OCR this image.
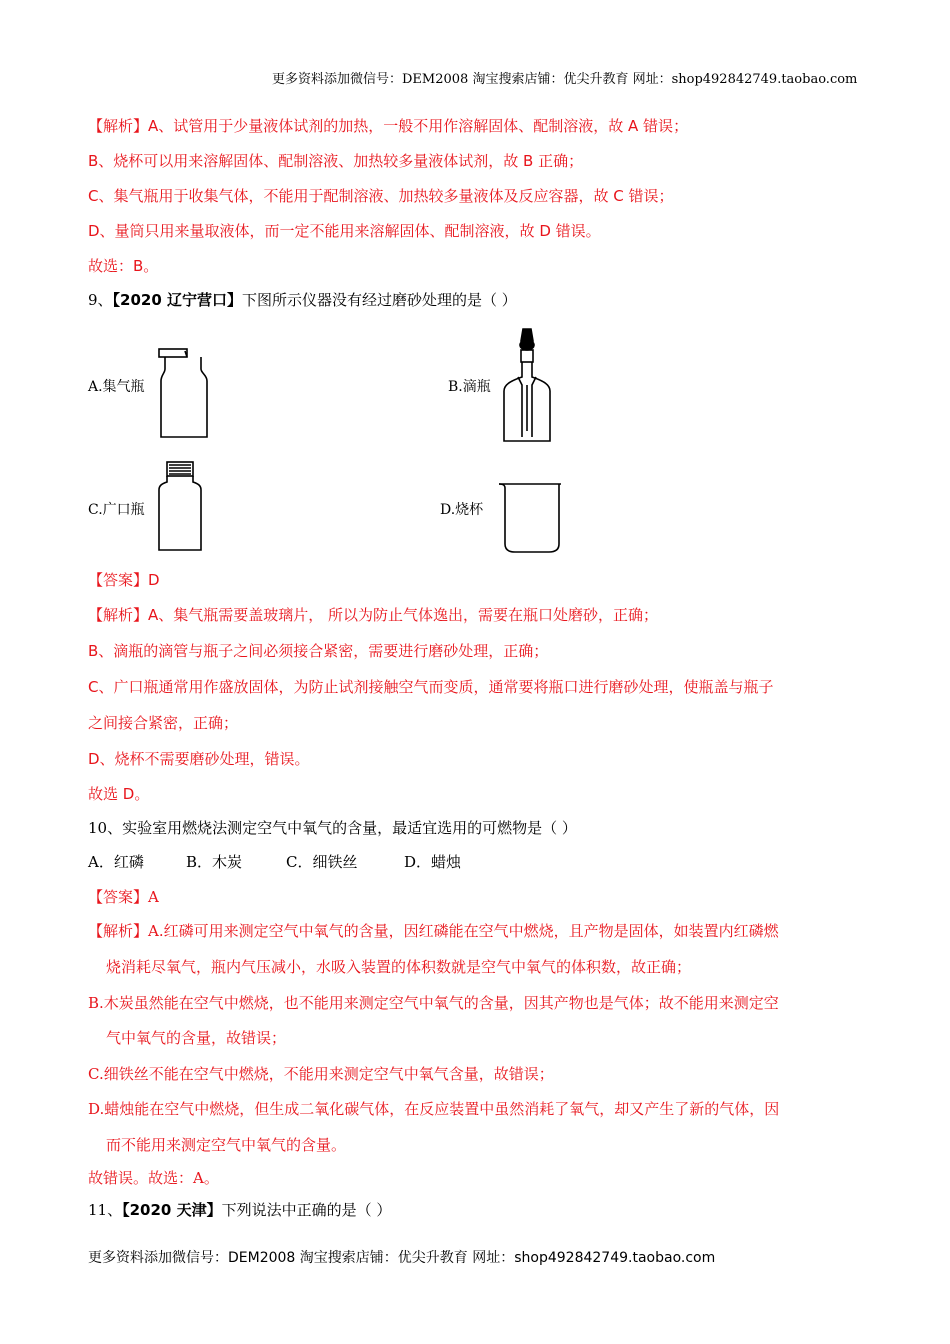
更多资料添加微信号：DEM2008 淘宝搜索店铺：优尖升教育 网址：shop492842749.taobao.com
【解析】A、试管用于少量液体试剂的加热，一般不用作溶解固体、配制溶液，故 A 错误；
B、烧杯可以用来溶解固体、配制溶液、加热较多量液体试剂，故 B 正确；
C、集气瓶用于收集气体，不能用于配制溶液、加热较多量液体及反应容器，故 C 错误；
D、量筒只用来量取液体，而一定不能用来溶解固体、配制溶液，故 D 错误。
故选：B。
9、【2020 辽宁营口】下图所示仪器没有经过磨砂处理的是（ ）
A.集气瓶	B.滴瓶
C.广口瓶	D.烧杯
【答案】D
【解析】A、集气瓶需要盖玻璃片， 所以为防止气体逸出，需要在瓶口处磨砂，正确；
B、滴瓶的滴管与瓶子之间必须接合紧密，需要进行磨砂处理，正确；
C、广口瓶通常用作盛放固体，为防止试剂接触空气而变质，通常要将瓶口进行磨砂处理，使瓶盖与瓶子
之间接合紧密，正确；
D、烧杯不需要磨砂处理，错误。
故选 D。
10、实验室用燃烧法测定空气中氧气的含量，最适宜选用的可燃物是（ ）
A．红磷	B．木炭	C．细铁丝	D．蜡烛
【答案】A
【解析】A.红磷可用来测定空气中氧气的含量，因红磷能在空气中燃烧，且产物是固体，如装置内红磷燃
烧消耗尽氧气，瓶内气压减小，水吸入装置的体积数就是空气中氧气的体积数，故正确；
B.木炭虽然能在空气中燃烧，也不能用来测定空气中氧气的含量，因其产物也是气体；故不能用来测定空
气中氧气的含量，故错误；
C.细铁丝不能在空气中燃烧，不能用来测定空气中氧气含量，故错误；
D.蜡烛能在空气中燃烧，但生成二氧化碳气体，在反应装置中虽然消耗了氧气，却又产生了新的气体，因
而不能用来测定空气中氧气的含量。
故错误。故选：A。
11、【2020 天津】下列说法中正确的是（ ）
更多资料添加微信号：DEM2008 淘宝搜索店铺：优尖升教育 网址：shop492842749.taobao.com
